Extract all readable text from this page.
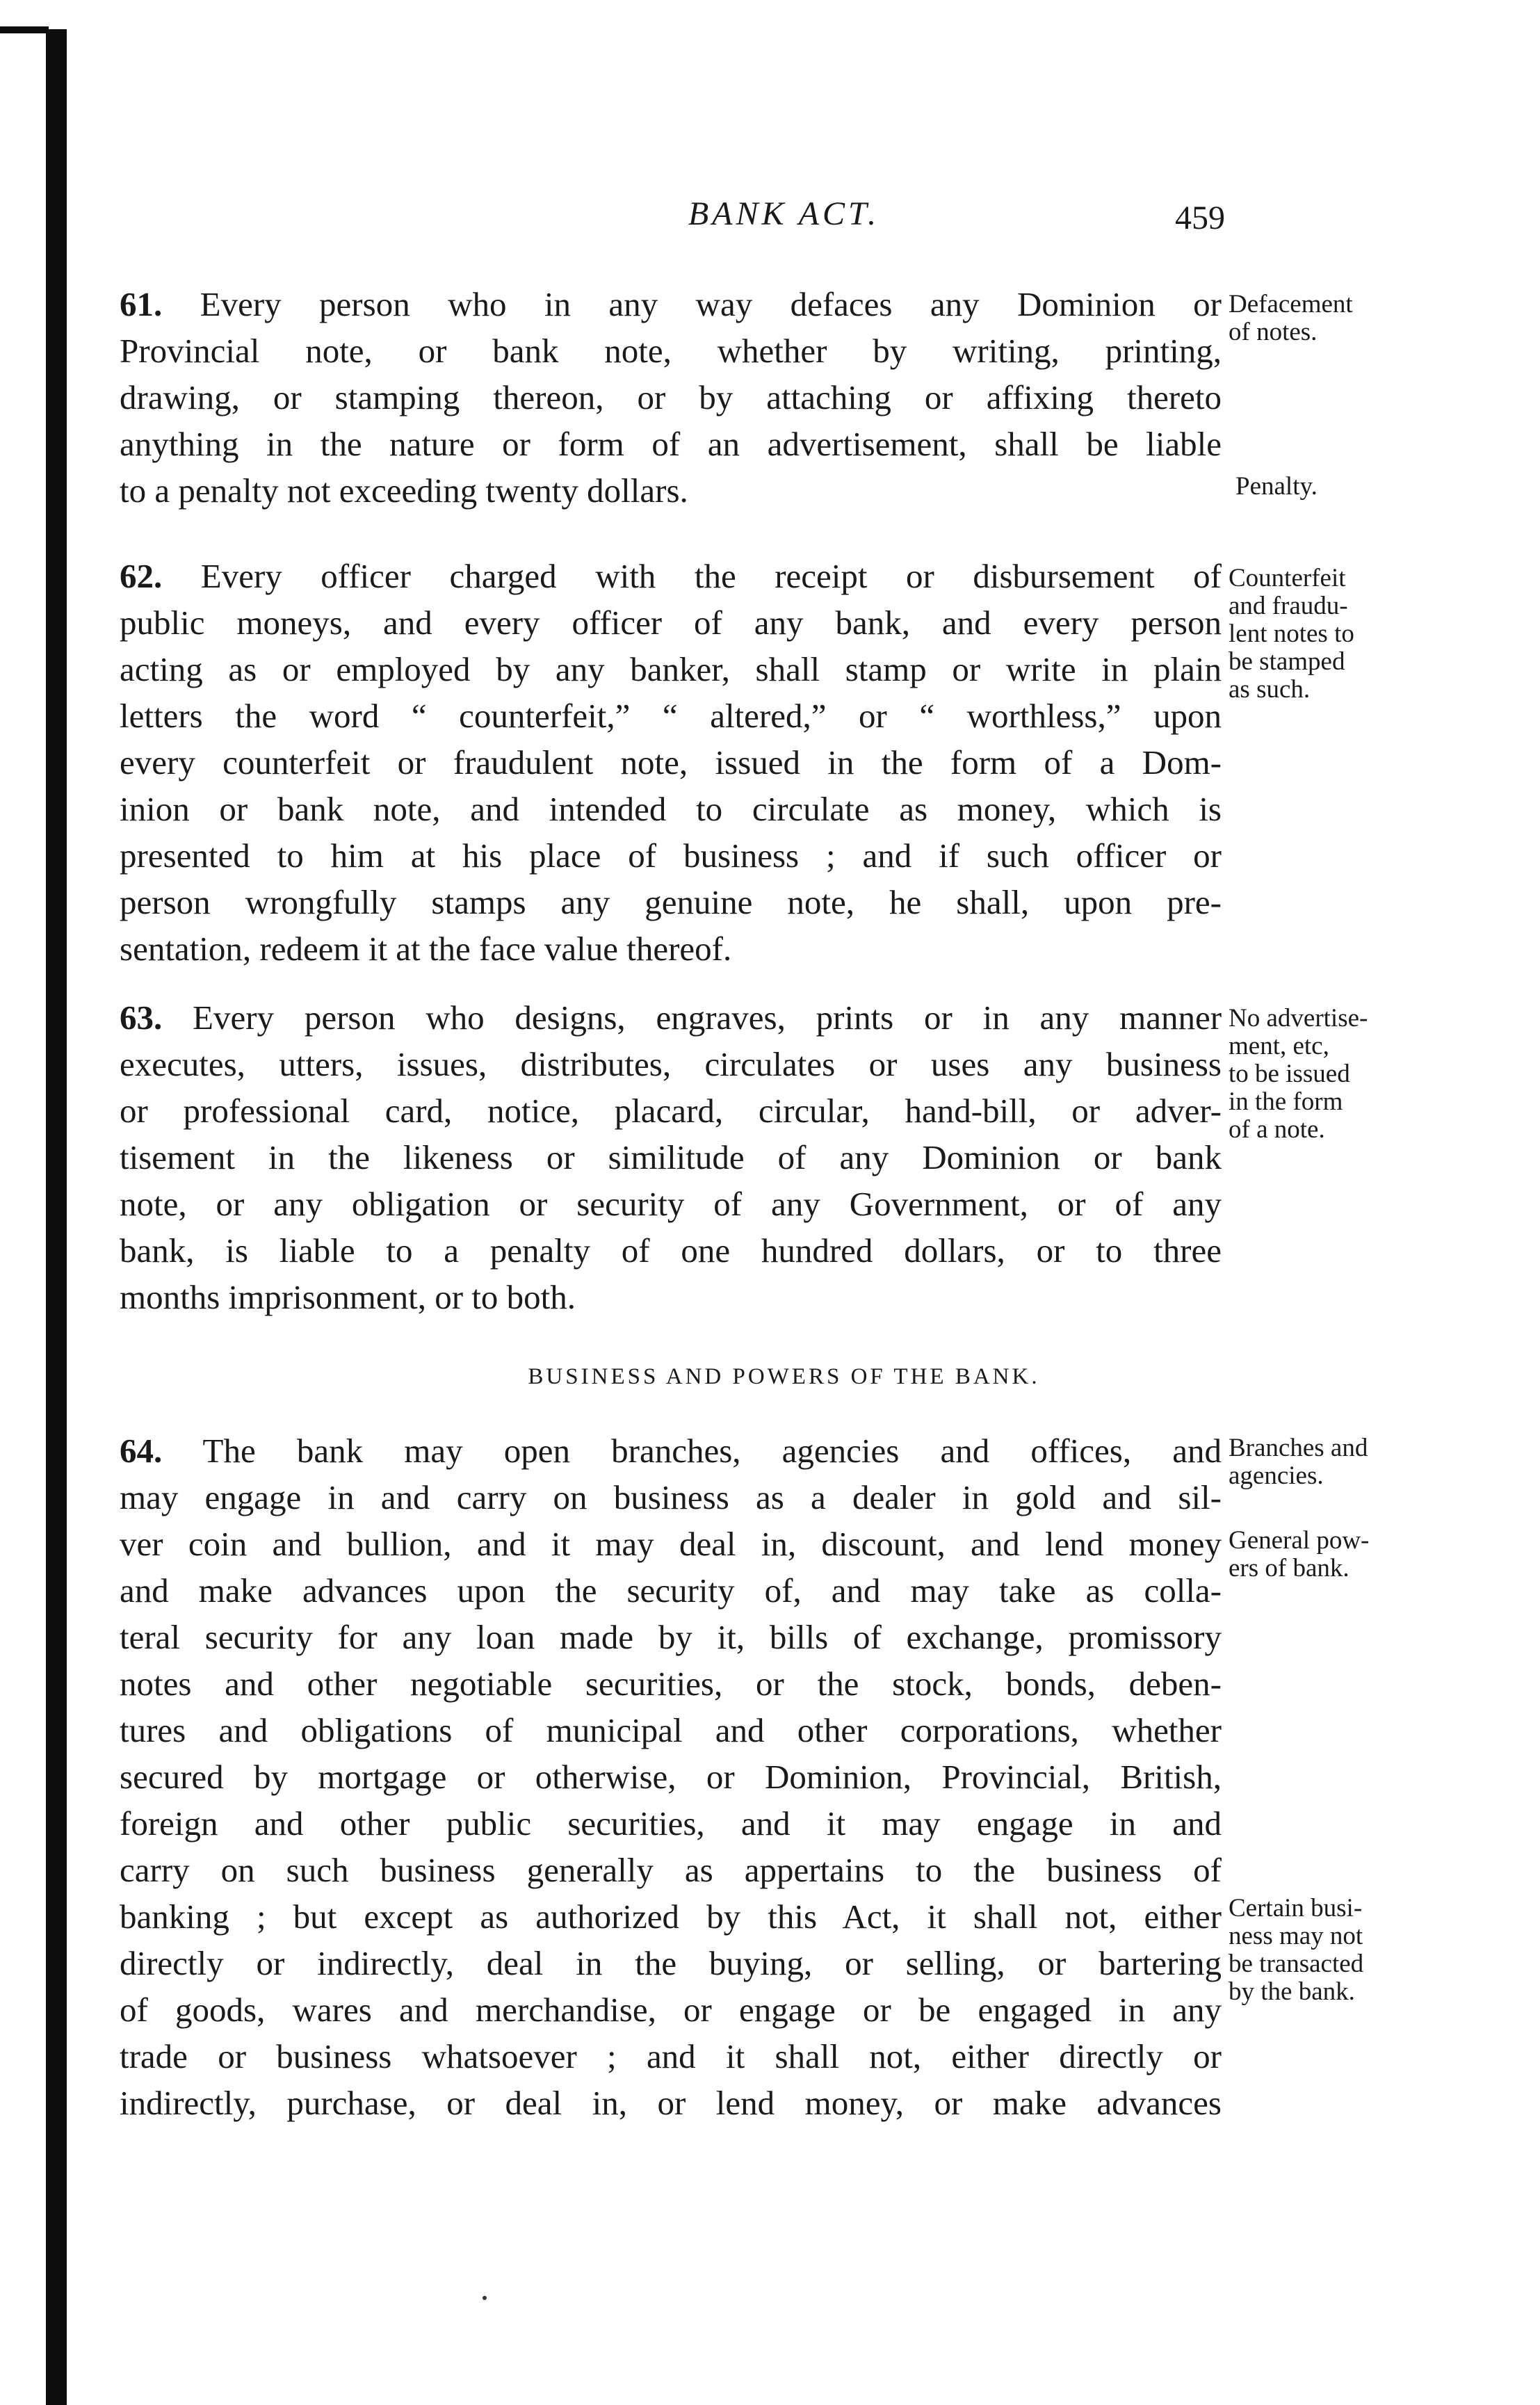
BANK ACT.	459
61. Every person who in any way defaces any Dominion or
Provincial note, or bank note, whether by writing, printing,
drawing, or stamping thereon, or by attaching or affixing thereto
anything in the nature or form of an advertisement, shall be liable
to a penalty not exceeding twenty dollars.
Defacement
of notes.
Penalty.
62. Every officer charged with the receipt or disbursement of
public moneys, and every officer of any bank, and every person
acting as or employed by any banker, shall stamp or write in plain
letters the word “ counterfeit,” “ altered,” or “ worthless,” upon
every counterfeit or fraudulent note, issued in the form of a Dom-
inion or bank note, and intended to circulate as money, which is
presented to him at his place of business ; and if such officer or
person wrongfully stamps any genuine note, he shall, upon pre-
sentation, redeem it at the face value thereof.
Counterfeit
and fraudu-
lent notes to
be stamped
as such.
63. Every person who designs, engraves, prints or in any manner
executes, utters, issues, distributes, circulates or uses any business
or professional card, notice, placard, circular, hand-bill, or adver-
tisement in the likeness or similitude of any Dominion or bank
note, or any obligation or security of any Government, or of any
bank, is liable to a penalty of one hundred dollars, or to three
months imprisonment, or to both.
No advertise-
ment, etc,
to be issued
in the form
of a note.
BUSINESS AND POWERS OF THE BANK.
64. The bank may open branches, agencies and offices, and
may engage in and carry on business as a dealer in gold and sil-
ver coin and bullion, and it may deal in, discount, and lend money
and make advances upon the security of, and may take as colla-
teral security for any loan made by it, bills of exchange, promissory
notes and other negotiable securities, or the stock, bonds, deben-
tures and obligations of municipal and other corporations, whether
secured by mortgage or otherwise, or Dominion, Provincial, British,
foreign and other public securities, and it may engage in and
carry on such business generally as appertains to the business of
banking ; but except as authorized by this Act, it shall not, either
directly or indirectly, deal in the buying, or selling, or bartering
of goods, wares and merchandise, or engage or be engaged in any
trade or business whatsoever ; and it shall not, either directly or
indirectly, purchase, or deal in, or lend money, or make advances
Branches and
agencies.
General pow-
ers of bank.
Certain busi-
ness may not
be transacted
by the bank.
